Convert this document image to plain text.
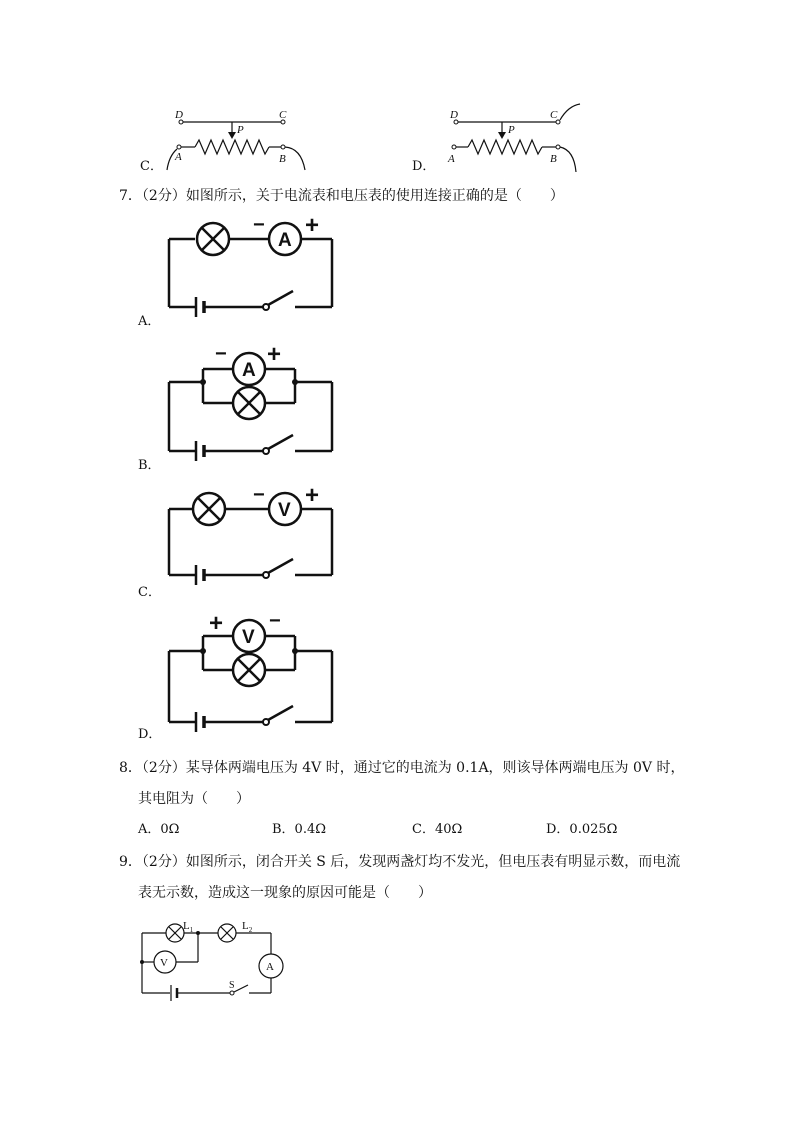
C．
D	C
P
A	B	D．
D	C
P
A	B
7．（2分）如图所示，关于电流表和电压表的使用连接正确的是（　　）
A．
A
− +
B．
A
− +
C．
V
− +
D．
V
+ −
8．（2分）某导体两端电压为 4V 时，通过它的电流为 0.1A，则该导体两端电压为 0V 时，
其电阻为（　　）
A．0Ω	B．0.4Ω	C．40Ω	D．0.025Ω
9．（2分）如图所示，闭合开关 S 后，发现两盏灯均不发光，但电压表有明显示数，而电流
表无示数，造成这一现象的原因可能是（　　）
$L_1$	$L_2$
V	A
S
